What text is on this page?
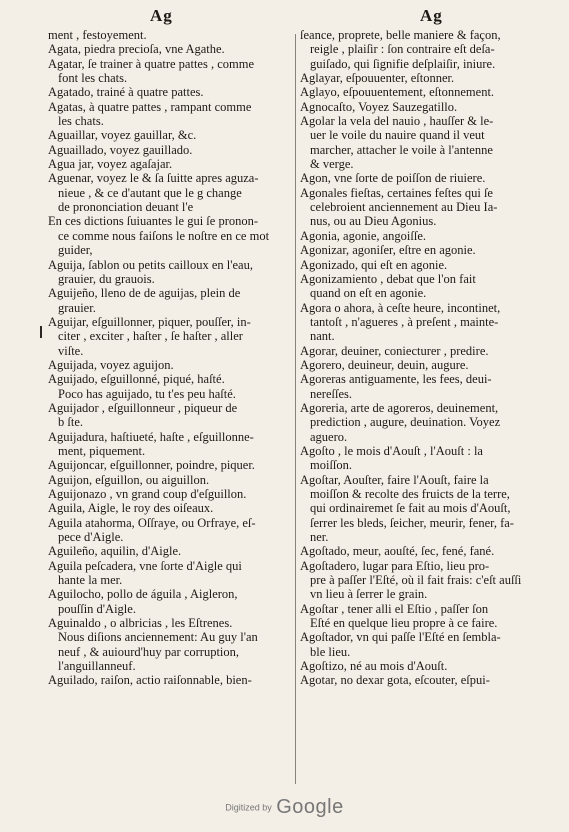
Ag	Ag
ment , festoyement.
Agata, piedra precioſa, vne Agathe.
Agatar, ſe trainer à quatre pattes , comme
font les chats.
Agatado, trainé à quatre pattes.
Agatas, à quatre pattes , rampant comme
les chats.
Aguaillar, voyez gauillar, &c.
Aguaillado, voyez gauillado.
Agua jar, voyez agaſajar.
Aguenar, voyez le & ſa ſuitte apres aguza-
nieue , & ce d'autant que le g change
de prononciation deuant l'e
En ces dictions ſuiuantes le gui ſe pronon-
ce comme nous faiſons le noſtre en ce mot
guider,
Aguija, ſablon ou petits cailloux en l'eau,
grauier, du grauois.
Aguijeño, lleno de de aguijas, plein de
grauier.
Aguijar, eſguillonner, piquer, pouſſer, in-
citer , exciter , haſter , ſe haſter , aller
viſte.
Aguijada, voyez aguijon.
Aguijado, eſguillonné, piqué, haſté.
Poco has aguijado, tu t'es peu haſté.
Aguijador , eſguillonneur , piqueur de
b ſte.
Aguijadura, haſtiueté, haſte , eſguillonne-
ment, piquement.
Aguijoncar, eſguillonner, poindre, piquer.
Aguijon, eſguillon, ou aiguillon.
Aguijonazo , vn grand coup d'eſguillon.
Aguila, Aigle, le roy des oiſeaux.
Aguila atahorma, Oſſraye, ou Orfraye, eſ-
pece d'Aigle.
Aguileño, aquilin, d'Aigle.
Aguila peſcadera, vne ſorte d'Aigle qui
hante la mer.
Aguilocho, pollo de águila , Aigleron,
pouſſin d'Aigle.
Aguinaldo , o albricias , les Eſtrenes.
Nous diſions anciennement: Au guy l'an
neuf , & auiourd'huy par corruption,
l'anguillanneuf.
Aguilado, raiſon, actio raiſonnable, bien-
ſeance, proprete, belle maniere & façon,
reigle , plaiſir : ſon contraire eſt deſa-
guiſado, qui ſignifie deſplaiſir, iniure.
Aglayar, eſpouuenter, eſtonner.
Aglayo, eſpouuentement, eſtonnement.
Agnocaſto, Voyez Sauzegatillo.
Agolar la vela del nauio , hauſſer & le-
uer le voile du nauire quand il veut
marcher, attacher le voile à l'antenne
& verge.
Agon, vne ſorte de poiſſon de riuiere.
Agonales fieſtas, certaines feſtes qui ſe
celebroient anciennement au Dieu Ia-
nus, ou au Dieu Agonius.
Agonia, agonie, angoiſſe.
Agonizar, agoniſer, eſtre en agonie.
Agonizado, qui eſt en agonie.
Agonizamiento , debat que l'on fait
quand on eſt en agonie.
Agora o ahora, à ceſte heure, incontinet,
tantoſt , n'agueres , à preſent , mainte-
nant.
Agorar, deuiner, coniecturer , predire.
Agorero, deuineur, deuin, augure.
Agoreras antiguamente, les fees, deui-
nereſſes.
Agoreria, arte de agoreros, deuinement,
prediction , augure, deuination. Voyez
aguero.
Agoſto , le mois d'Aouſt , l'Aouſt : la
moiſſon.
Agoſtar, Aouſter, faire l'Aouſt, faire la
moiſſon & recolte des fruicts de la terre,
qui ordinairemet ſe fait au mois d'Aouſt,
ſerrer les bleds, ſeicher, meurir, fener, fa-
ner.
Agoſtado, meur, aouſté, ſec, fené, fané.
Agoſtadero, lugar para Eſtio, lieu pro-
pre à paſſer l'Eſté, où il fait frais: c'eſt auſſi
vn lieu à ſerrer le grain.
Agoſtar , tener alli el Eſtio , paſſer ſon
Eſté en quelque lieu propre à ce faire.
Agoſtador, vn qui paſſe l'Eſté en ſembla-
ble lieu.
Agoſtizo, né au mois d'Aouſt.
Agotar, no dexar gota, eſcouter, eſpui-
Digitized by Google
